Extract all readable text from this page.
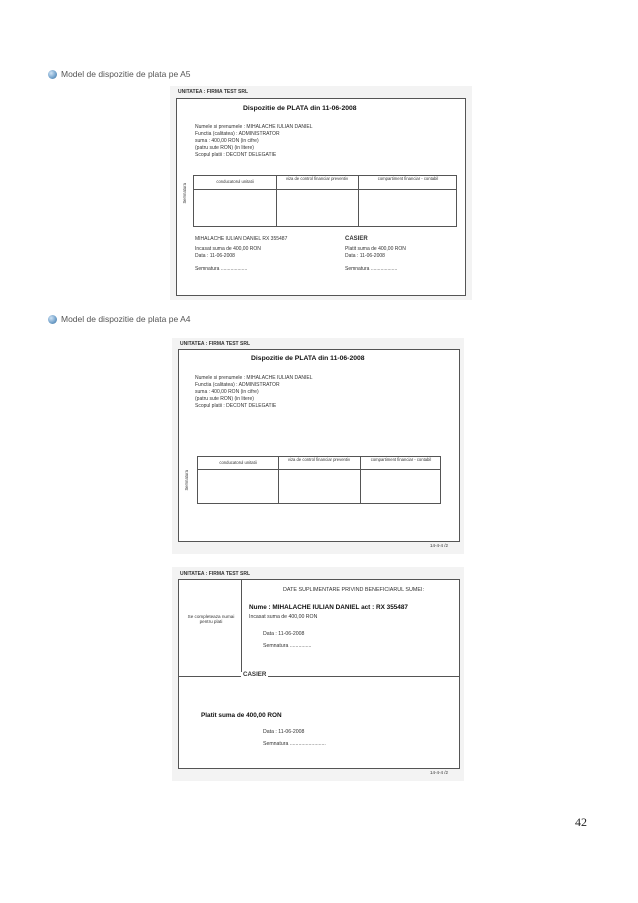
Model de dispozitie de plata pe A5
UNITATEA : FIRMA TEST SRL
Dispozitie de PLATA din 11-06-2008
Numele si prenumele : MIHALACHE IULIAN DANIEL
Functia (calitatea) : ADMINISTRATOR
suma : 400,00 RON (in cifre)
(patru sute RON) (in litere)
Scopul platii : DECONT DELEGATIE
Semnatura
conducatorul unitatii
viza de control financiar preventiv	compartiment financiar - contabil
MIHALACHE IULIAN DANIEL RX 355487
Incasat suma de 400,00 RON
Data : 11-06-2008
Semnatura ...................
CASIER
Platit suma de 400,00 RON
Data : 11-06-2008
Semnatura ...................
Model de dispozitie de plata pe A4
UNITATEA : FIRMA TEST SRL
Dispozitie de PLATA din 11-06-2008
Numele si prenumele : MIHALACHE IULIAN DANIEL
Functia (calitatea) : ADMINISTRATOR
suma : 400,00 RON (in cifre)
(patru sute RON) (in litere)
Scopul platii : DECONT DELEGATIE
Semnatura
conducatorul unitatii
viza de control financiar preventiv	compartiment financiar - contabil
14-4-4 /2
UNITATEA : FIRMA TEST SRL
Se completeaza numai pentru plati
DATE SUPLIMENTARE PRIVIND BENEFICIARUL SUMEI:
Nume : MIHALACHE IULIAN DANIEL act : RX 355487
Incasat suma de 400,00 RON
Data : 11-06-2008
Semnatura ...............
CASIER
Platit suma de 400,00 RON
Data : 11-06-2008
Semnatura .........................
14-4-4 /2
42
